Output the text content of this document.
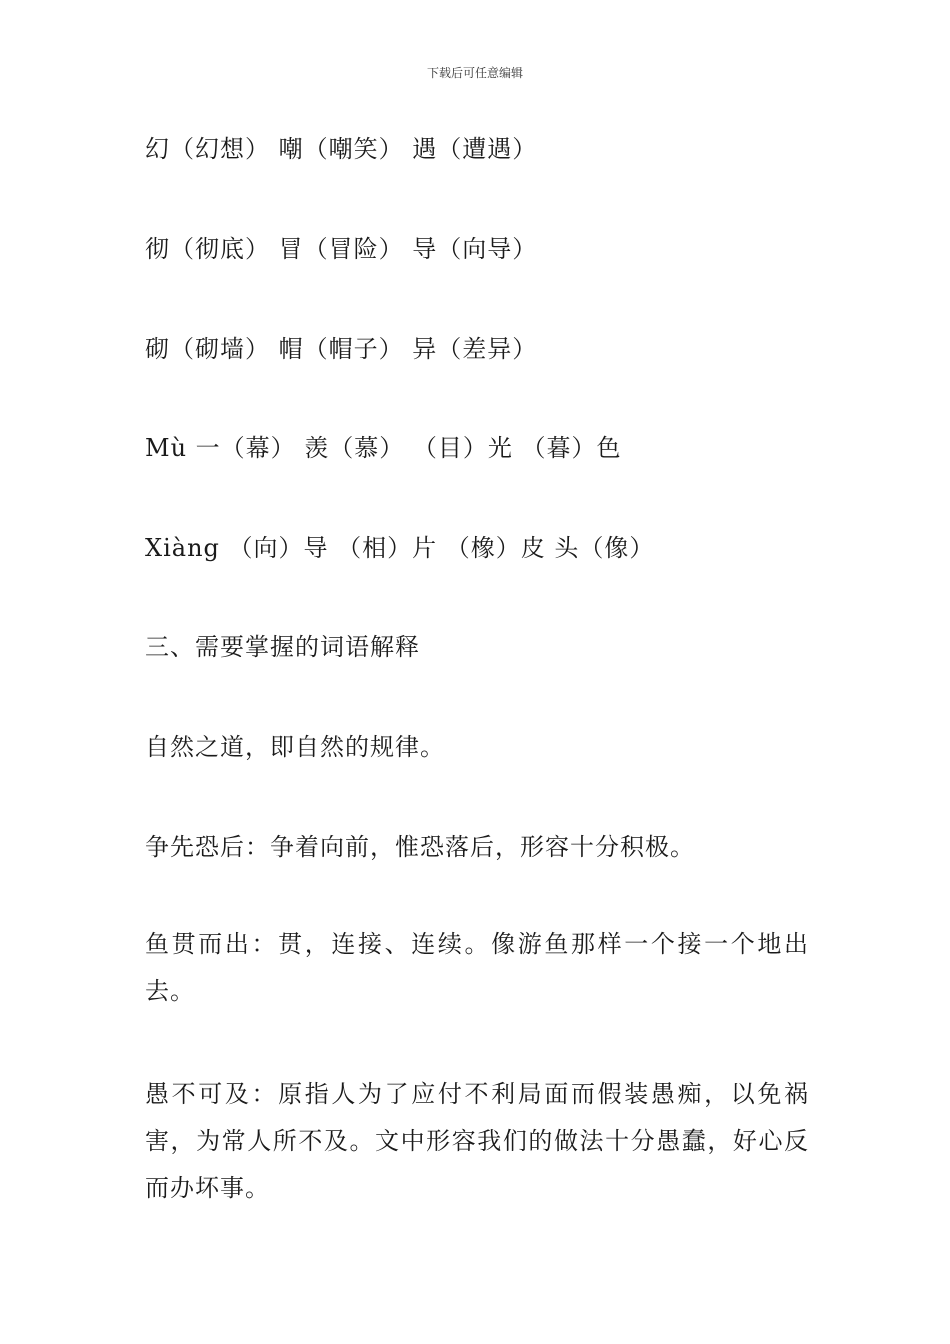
下载后可任意编辑
幻（幻想） 嘲（嘲笑） 遇（遭遇）
彻（彻底） 冒（冒险） 导（向导）
砌（砌墙） 帽（帽子） 异（差异）
Mù 一（幕） 羡（慕） （目）光 （暮）色
Xiàng （向）导 （相）片 （橡）皮 头（像）
三、需要掌握的词语解释
自然之道，即自然的规律。
争先恐后：争着向前，惟恐落后，形容十分积极。
鱼贯而出：贯，连接、连续。像游鱼那样一个接一个地出去。
愚不可及：原指人为了应付不利局面而假装愚痴，以免祸害，为常人所不及。文中形容我们的做法十分愚蠢，好心反而办坏事。
